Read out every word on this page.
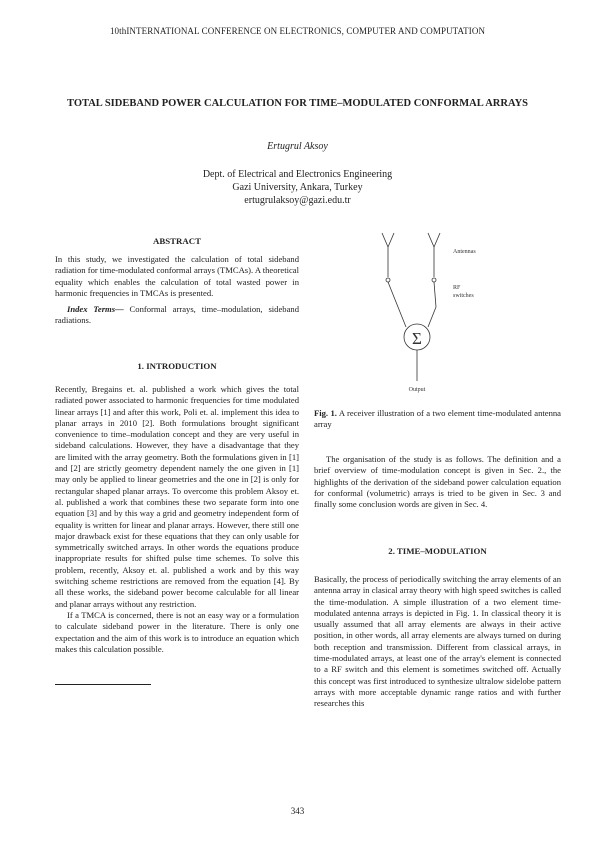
10thINTERNATIONAL CONFERENCE ON ELECTRONICS, COMPUTER AND COMPUTATION
TOTAL SIDEBAND POWER CALCULATION FOR TIME–MODULATED CONFORMAL ARRAYS
Ertugrul Aksoy
Dept. of Electrical and Electronics Engineering
Gazi University, Ankara, Turkey
ertugrulaksoy@gazi.edu.tr
ABSTRACT

In this study, we investigated the calculation of total sideband radiation for time-modulated conformal arrays (TMCAs). A theoretical equality which enables the calculation of total wasted power in harmonic frequencies in TMCAs is presented.

Index Terms— Conformal arrays, time–modulation, sideband radiations.

1. INTRODUCTION

Recently, Bregains et. al. published a work which gives the total radiated power associated to harmonic frequencies for time modulated linear arrays [1] and after this work, Poli et. al. implement this idea to planar arrays in 2010 [2]. Both formulations brought significant convenience to time–modulation concept and they are very useful in sideband calculations. However, they have a disadvantage that they are limited with the array geometry. Both the formulations given in [1] and [2] are strictly geometry dependent namely the one given in [1] may only be applied to linear geometries and the one in [2] is only for rectangular shaped planar arrays. To overcome this problem Aksoy et. al. published a work that combines these two separate form into one equation [3] and by this way a grid and geometry independent form of equality is written for linear and planar arrays. However, there still one major drawback exist for these equations that they can only usable for symmetrically switched arrays. In other words the equations produce inappropriate results for shifted pulse time schemes. To solve this problem, recently, Aksoy et. al. published a work and by this way switching scheme restrictions are removed from the equation [4]. By all these works, the sideband power become calculable for all linear and planar arrays without any restriction.

If a TMCA is concerned, there is not an easy way or a formulation to calculate sideband power in the literature. There is only one expectation and the aim of this work is to introduce an equation which makes this calculation possible.

Σ
Antennas
RF
switches
Output

Fig. 1. A receiver illustration of a two element time-modulated antenna array

The organisation of the study is as follows. The definition and a brief overview of time-modulation concept is given in Sec. 2., the highlights of the derivation of the sideband power calculation equation for conformal (volumetric) arrays is tried to be given in Sec. 3 and finally some conclusion words are given in Sec. 4.

2. TIME–MODULATION

Basically, the process of periodically switching the array elements of an antenna array in clasical array theory with high speed switches is called the time-modulation. A simple illustration of a two element time-modulated antenna arrays is depicted in Fig. 1. In classical theory it is usually assumed that all array elements are always in their active position, in other words, all array elements are always turned on during both reception and transmission. Different from classical arrays, in time-modulated arrays, at least one of the array's element is connected to a RF switch and this element is sometimes switched off. Actually this concept was first introduced to synthesize ultralow sidelobe pattern arrays with more acceptable dynamic range ratios and with further researches this

343
